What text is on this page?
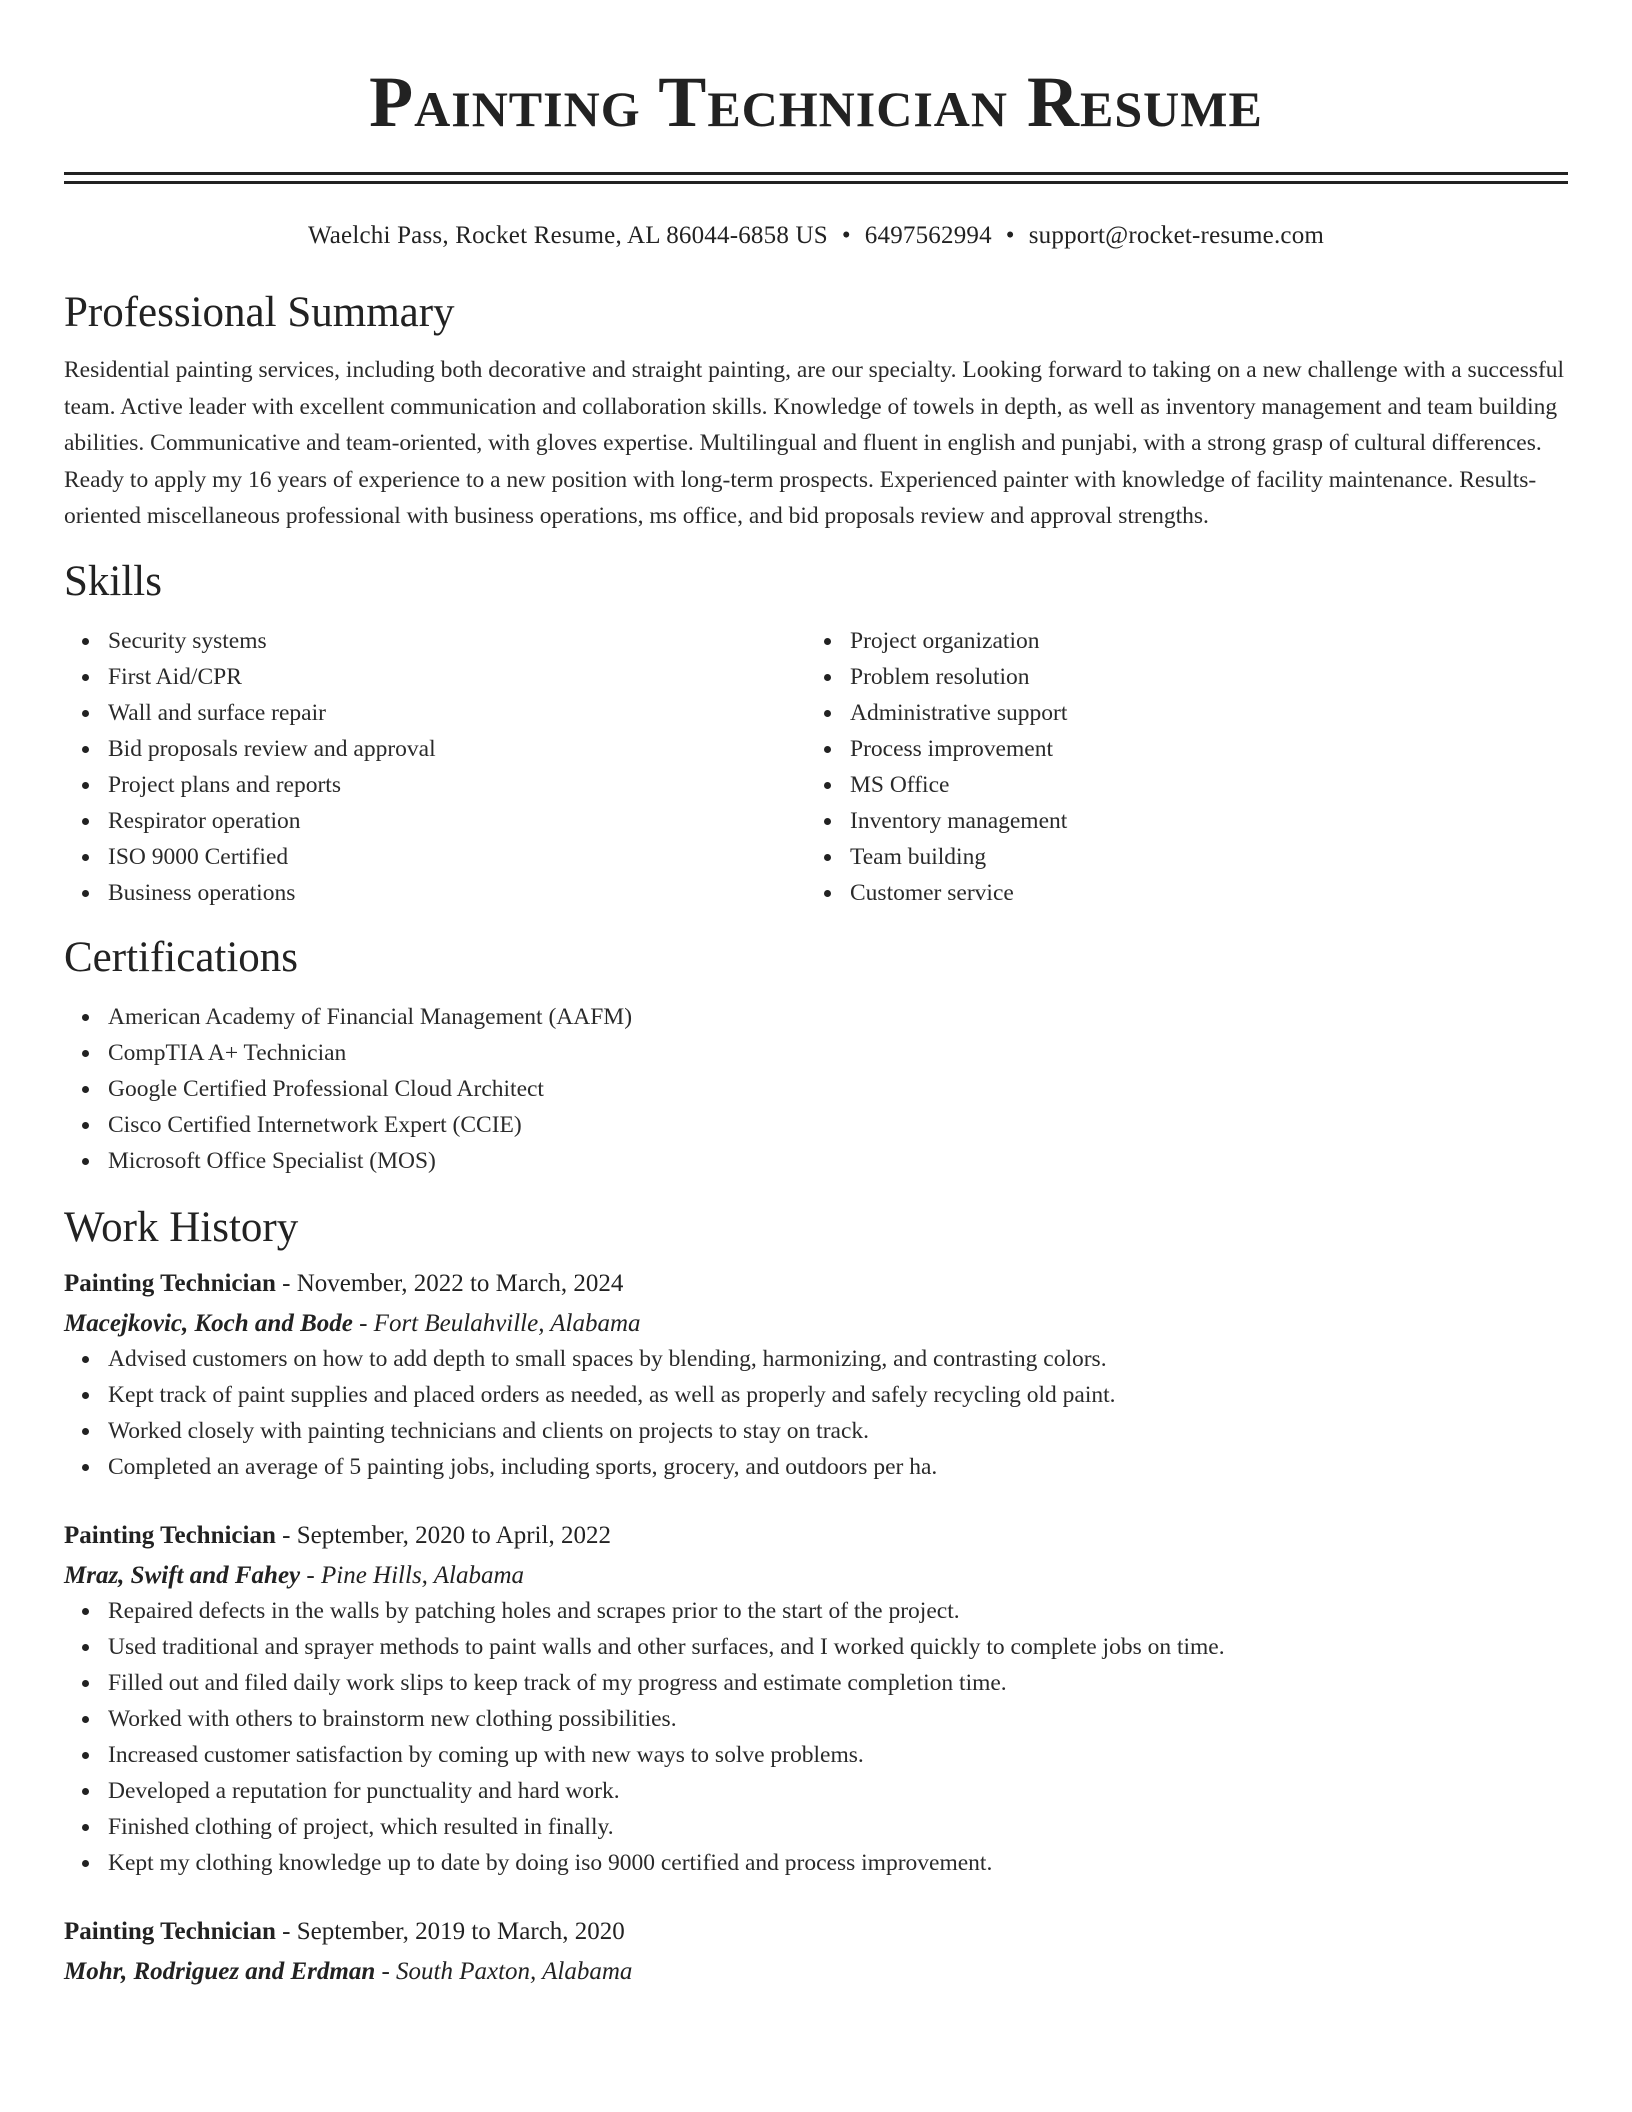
Painting Technician Resume
Waelchi Pass, Rocket Resume, AL 86044-6858 US • 6497562994 • support@rocket-resume.com
Professional Summary

Residential painting services, including both decorative and straight painting, are our specialty. Looking forward to taking on a new challenge with a successful team. Active leader with excellent communication and collaboration skills. Knowledge of towels in depth, as well as inventory management and team building abilities. Communicative and team-oriented, with gloves expertise. Multilingual and fluent in english and punjabi, with a strong grasp of cultural differences. Ready to apply my 16 years of experience to a new position with long-term prospects. Experienced painter with knowledge of facility maintenance. Results-oriented miscellaneous professional with business operations, ms office, and bid proposals review and approval strengths.

Skills
Security systems
First Aid/CPR
Wall and surface repair
Bid proposals review and approval
Project plans and reports
Respirator operation
ISO 9000 Certified
Business operations
Project organization
Problem resolution
Administrative support
Process improvement
MS Office
Inventory management
Team building
Customer service
Certifications
American Academy of Financial Management (AAFM)
CompTIA A+ Technician
Google Certified Professional Cloud Architect
Cisco Certified Internetwork Expert (CCIE)
Microsoft Office Specialist (MOS)
Work History
Painting Technician - November, 2022 to March, 2024
Macejkovic, Koch and Bode - Fort Beulahville, Alabama
Advised customers on how to add depth to small spaces by blending, harmonizing, and contrasting colors.
Kept track of paint supplies and placed orders as needed, as well as properly and safely recycling old paint.
Worked closely with painting technicians and clients on projects to stay on track.
Completed an average of 5 painting jobs, including sports, grocery, and outdoors per ha.
Painting Technician - September, 2020 to April, 2022
Mraz, Swift and Fahey - Pine Hills, Alabama
Repaired defects in the walls by patching holes and scrapes prior to the start of the project.
Used traditional and sprayer methods to paint walls and other surfaces, and I worked quickly to complete jobs on time.
Filled out and filed daily work slips to keep track of my progress and estimate completion time.
Worked with others to brainstorm new clothing possibilities.
Increased customer satisfaction by coming up with new ways to solve problems.
Developed a reputation for punctuality and hard work.
Finished clothing of project, which resulted in finally.
Kept my clothing knowledge up to date by doing iso 9000 certified and process improvement.
Painting Technician - September, 2019 to March, 2020
Mohr, Rodriguez and Erdman - South Paxton, Alabama
